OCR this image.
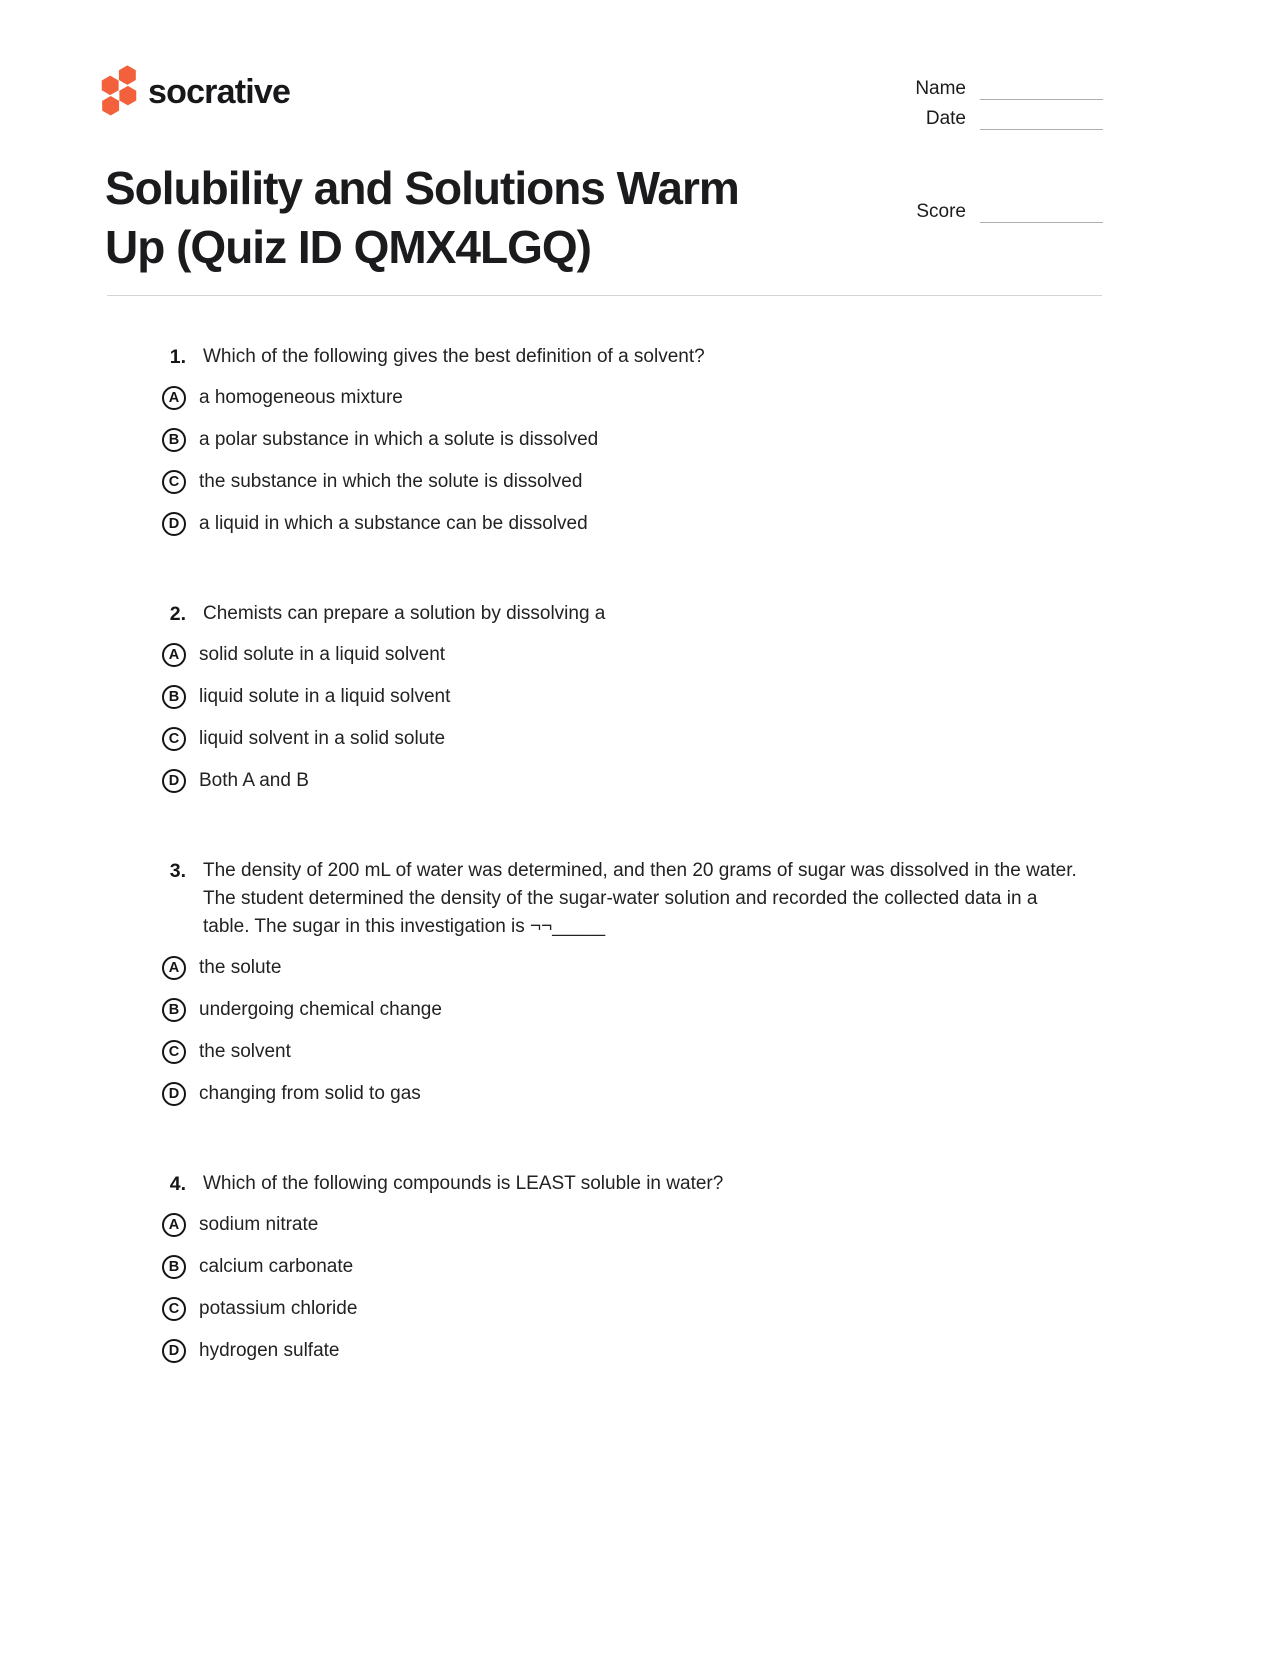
socrative	Name
Date
Score
Solubility and Solutions Warm Up (Quiz ID QMX4LGQ)
1. Which of the following gives the best definition of a solvent?

A	a homogeneous mixture
B	a polar substance in which a solute is dissolved
C	the substance in which the solute is dissolved
D	a liquid in which a substance can be dissolved
2. Chemists can prepare a solution by dissolving a

A	solid solute in a liquid solvent
B	liquid solute in a liquid solvent
C	liquid solvent in a solid solute
D	Both A and B
3. The density of 200 mL of water was determined, and then 20 grams of sugar was dissolved in the water. The student determined the density of the sugar-water solution and recorded the collected data in a table. The sugar in this investigation is ¬¬_____

A	the solute
B	undergoing chemical change
C	the solvent
D	changing from solid to gas
4. Which of the following compounds is LEAST soluble in water?

A	sodium nitrate
B	calcium carbonate
C	potassium chloride
D	hydrogen sulfate
